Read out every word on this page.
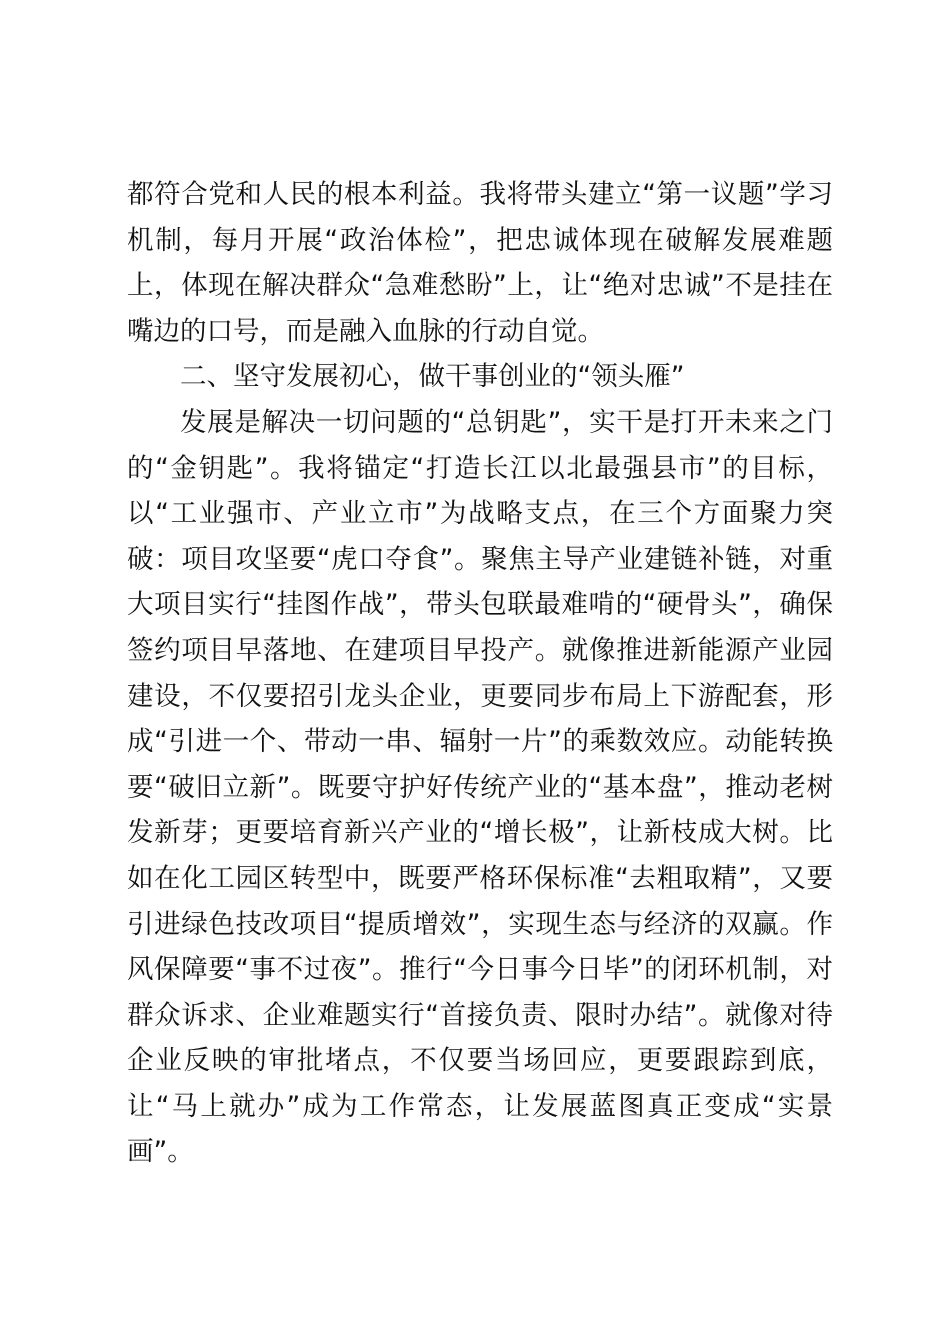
都符合党和人民的根本利益。我将带头建立“第一议题”学习机制，每月开展“政治体检”，把忠诚体现在破解发展难题上，体现在解决群众“急难愁盼”上，让“绝对忠诚”不是挂在嘴边的口号，而是融入血脉的行动自觉。

二、坚守发展初心，做干事创业的“领头雁”

发展是解决一切问题的“总钥匙”，实干是打开未来之门的“金钥匙”。我将锚定“打造长江以北最强县市”的目标，以“工业强市、产业立市”为战略支点，在三个方面聚力突破：项目攻坚要“虎口夺食”。聚焦主导产业建链补链，对重大项目实行“挂图作战”，带头包联最难啃的“硬骨头”，确保签约项目早落地、在建项目早投产。就像推进新能源产业园建设，不仅要招引龙头企业，更要同步布局上下游配套，形成“引进一个、带动一串、辐射一片”的乘数效应。动能转换要“破旧立新”。既要守护好传统产业的“基本盘”，推动老树发新芽；更要培育新兴产业的“增长极”，让新枝成大树。比如在化工园区转型中，既要严格环保标准“去粗取精”，又要引进绿色技改项目“提质增效”，实现生态与经济的双赢。作风保障要“事不过夜”。推行“今日事今日毕”的闭环机制，对群众诉求、企业难题实行“首接负责、限时办结”。就像对待企业反映的审批堵点，不仅要当场回应，更要跟踪到底，让“马上就办”成为工作常态，让发展蓝图真正变成“实景画”。
